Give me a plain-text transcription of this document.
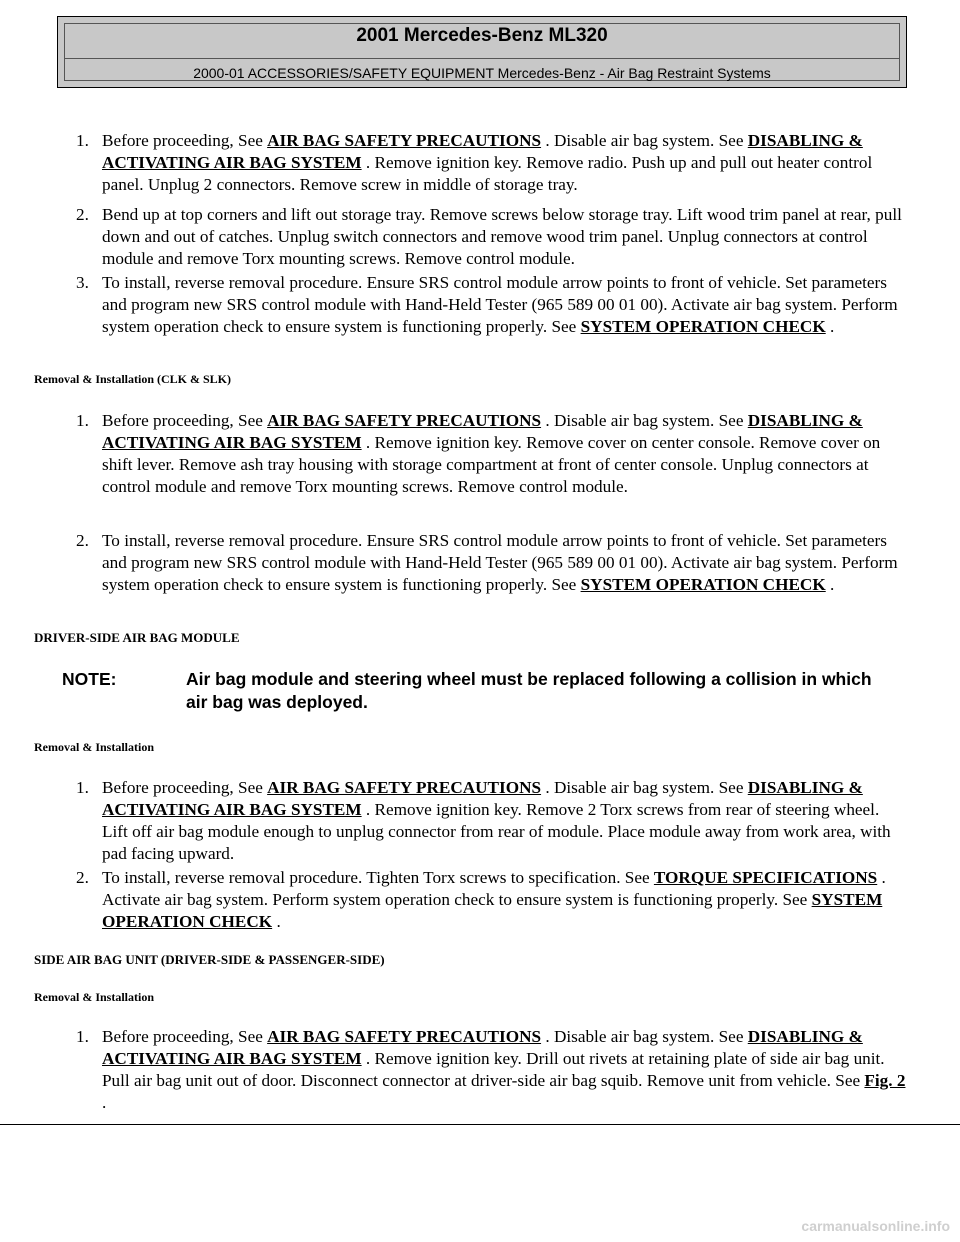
2001 Mercedes-Benz ML320
2000-01 ACCESSORIES/SAFETY EQUIPMENT Mercedes-Benz - Air Bag Restraint Systems
1. Before proceeding, See AIR BAG SAFETY PRECAUTIONS . Disable air bag system. See DISABLING & ACTIVATING AIR BAG SYSTEM . Remove ignition key. Remove radio. Push up and pull out heater control panel. Unplug 2 connectors. Remove screw in middle of storage tray.
2. Bend up at top corners and lift out storage tray. Remove screws below storage tray. Lift wood trim panel at rear, pull down and out of catches. Unplug switch connectors and remove wood trim panel. Unplug connectors at control module and remove Torx mounting screws. Remove control module.
3. To install, reverse removal procedure. Ensure SRS control module arrow points to front of vehicle. Set parameters and program new SRS control module with Hand-Held Tester (965 589 00 01 00). Activate air bag system. Perform system operation check to ensure system is functioning properly. See SYSTEM OPERATION CHECK .
Removal & Installation (CLK & SLK)
1. Before proceeding, See AIR BAG SAFETY PRECAUTIONS . Disable air bag system. See DISABLING & ACTIVATING AIR BAG SYSTEM . Remove ignition key. Remove cover on center console. Remove cover on shift lever. Remove ash tray housing with storage compartment at front of center console. Unplug connectors at control module and remove Torx mounting screws. Remove control module.
2. To install, reverse removal procedure. Ensure SRS control module arrow points to front of vehicle. Set parameters and program new SRS control module with Hand-Held Tester (965 589 00 01 00). Activate air bag system. Perform system operation check to ensure system is functioning properly. See SYSTEM OPERATION CHECK .
DRIVER-SIDE AIR BAG MODULE
NOTE:	Air bag module and steering wheel must be replaced following a collision in which air bag was deployed.
Removal & Installation
1. Before proceeding, See AIR BAG SAFETY PRECAUTIONS . Disable air bag system. See DISABLING & ACTIVATING AIR BAG SYSTEM . Remove ignition key. Remove 2 Torx screws from rear of steering wheel. Lift off air bag module enough to unplug connector from rear of module. Place module away from work area, with pad facing upward.
2. To install, reverse removal procedure. Tighten Torx screws to specification. See TORQUE SPECIFICATIONS . Activate air bag system. Perform system operation check to ensure system is functioning properly. See SYSTEM OPERATION CHECK .
SIDE AIR BAG UNIT (DRIVER-SIDE & PASSENGER-SIDE)
Removal & Installation
1. Before proceeding, See AIR BAG SAFETY PRECAUTIONS . Disable air bag system. See DISABLING & ACTIVATING AIR BAG SYSTEM . Remove ignition key. Drill out rivets at retaining plate of side air bag unit. Pull air bag unit out of door. Disconnect connector at driver-side air bag squib. Remove unit from vehicle. See Fig. 2 .
carmanualsonline.info
